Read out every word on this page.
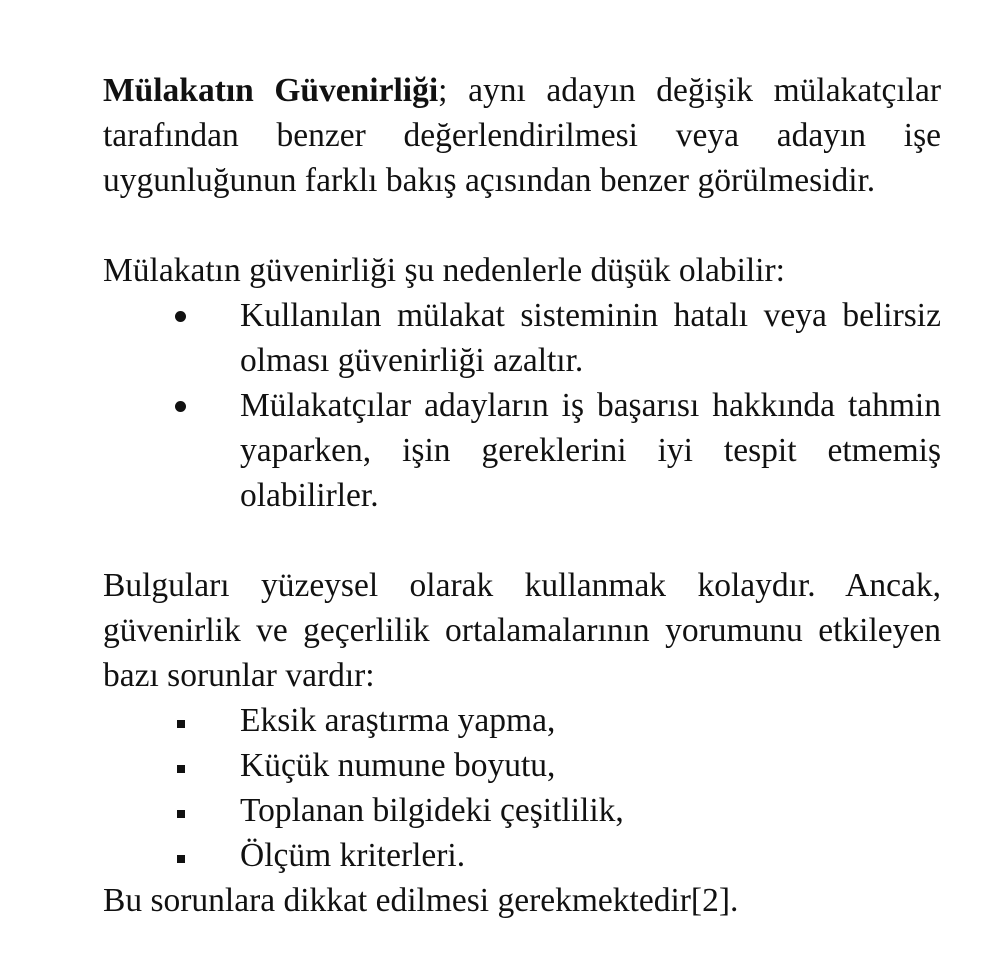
Mülakatın Güvenirliği; aynı adayın değişik mülakatçılar tarafından benzer değerlendirilmesi veya adayın işe uygunluğunun farklı bakış açısından benzer görülmesidir.

Mülakatın güvenirliği şu nedenlerle düşük olabilir:

Kullanılan mülakat sisteminin hatalı veya belirsiz olması güvenirliği azaltır.
Mülakatçılar adayların iş başarısı hakkında tahmin yaparken, işin gereklerini iyi tespit etmemiş olabilirler.

Bulguları yüzeysel olarak kullanmak kolaydır. Ancak, güvenirlik ve geçerlilik ortalamalarının yorumunu etkileyen bazı sorunlar vardır:

Eksik araştırma yapma,
Küçük numune boyutu,
Toplanan bilgideki çeşitlilik,
Ölçüm kriterleri.

Bu sorunlara dikkat edilmesi gerekmektedir[2].
